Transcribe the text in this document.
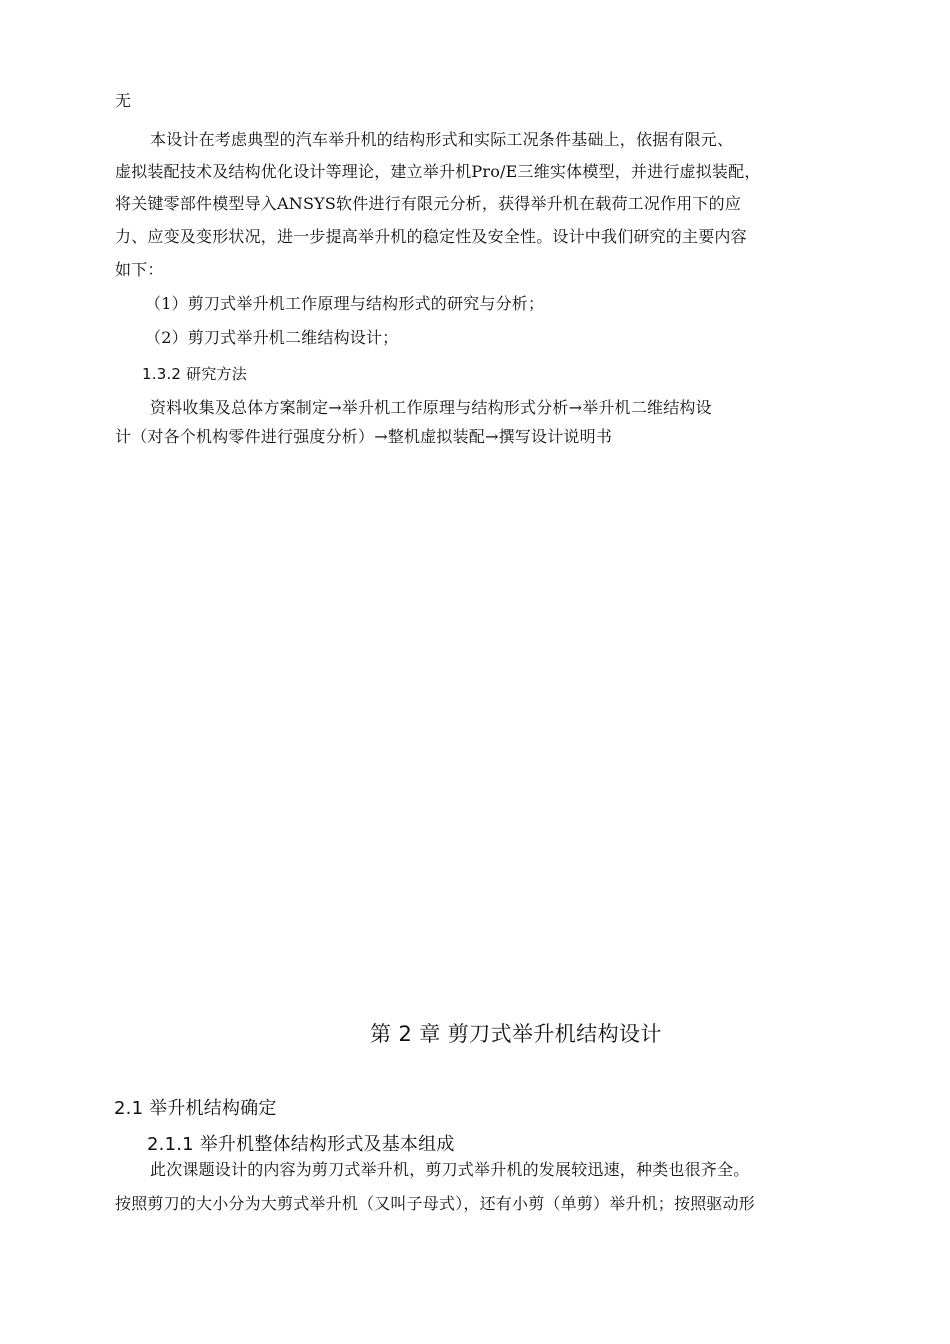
无
本设计在考虑典型的汽车举升机的结构形式和实际工况条件基础上，依据有限元、
虚拟装配技术及结构优化设计等理论，建立举升机Pro/E三维实体模型，并进行虚拟装配，
将关键零部件模型导入ANSYS软件进行有限元分析，获得举升机在载荷工况作用下的应
力、应变及变形状况，进一步提高举升机的稳定性及安全性。设计中我们研究的主要内容
如下：
（1）剪刀式举升机工作原理与结构形式的研究与分析；
（2）剪刀式举升机二维结构设计；
1.3.2 研究方法
资料收集及总体方案制定→举升机工作原理与结构形式分析→举升机二维结构设
计（对各个机构零件进行强度分析）→整机虚拟装配→撰写设计说明书
第 2 章 剪刀式举升机结构设计
2.1 举升机结构确定
2.1.1 举升机整体结构形式及基本组成
此次课题设计的内容为剪刀式举升机，剪刀式举升机的发展较迅速，种类也很齐全。
按照剪刀的大小分为大剪式举升机（又叫子母式），还有小剪（单剪）举升机；按照驱动形
